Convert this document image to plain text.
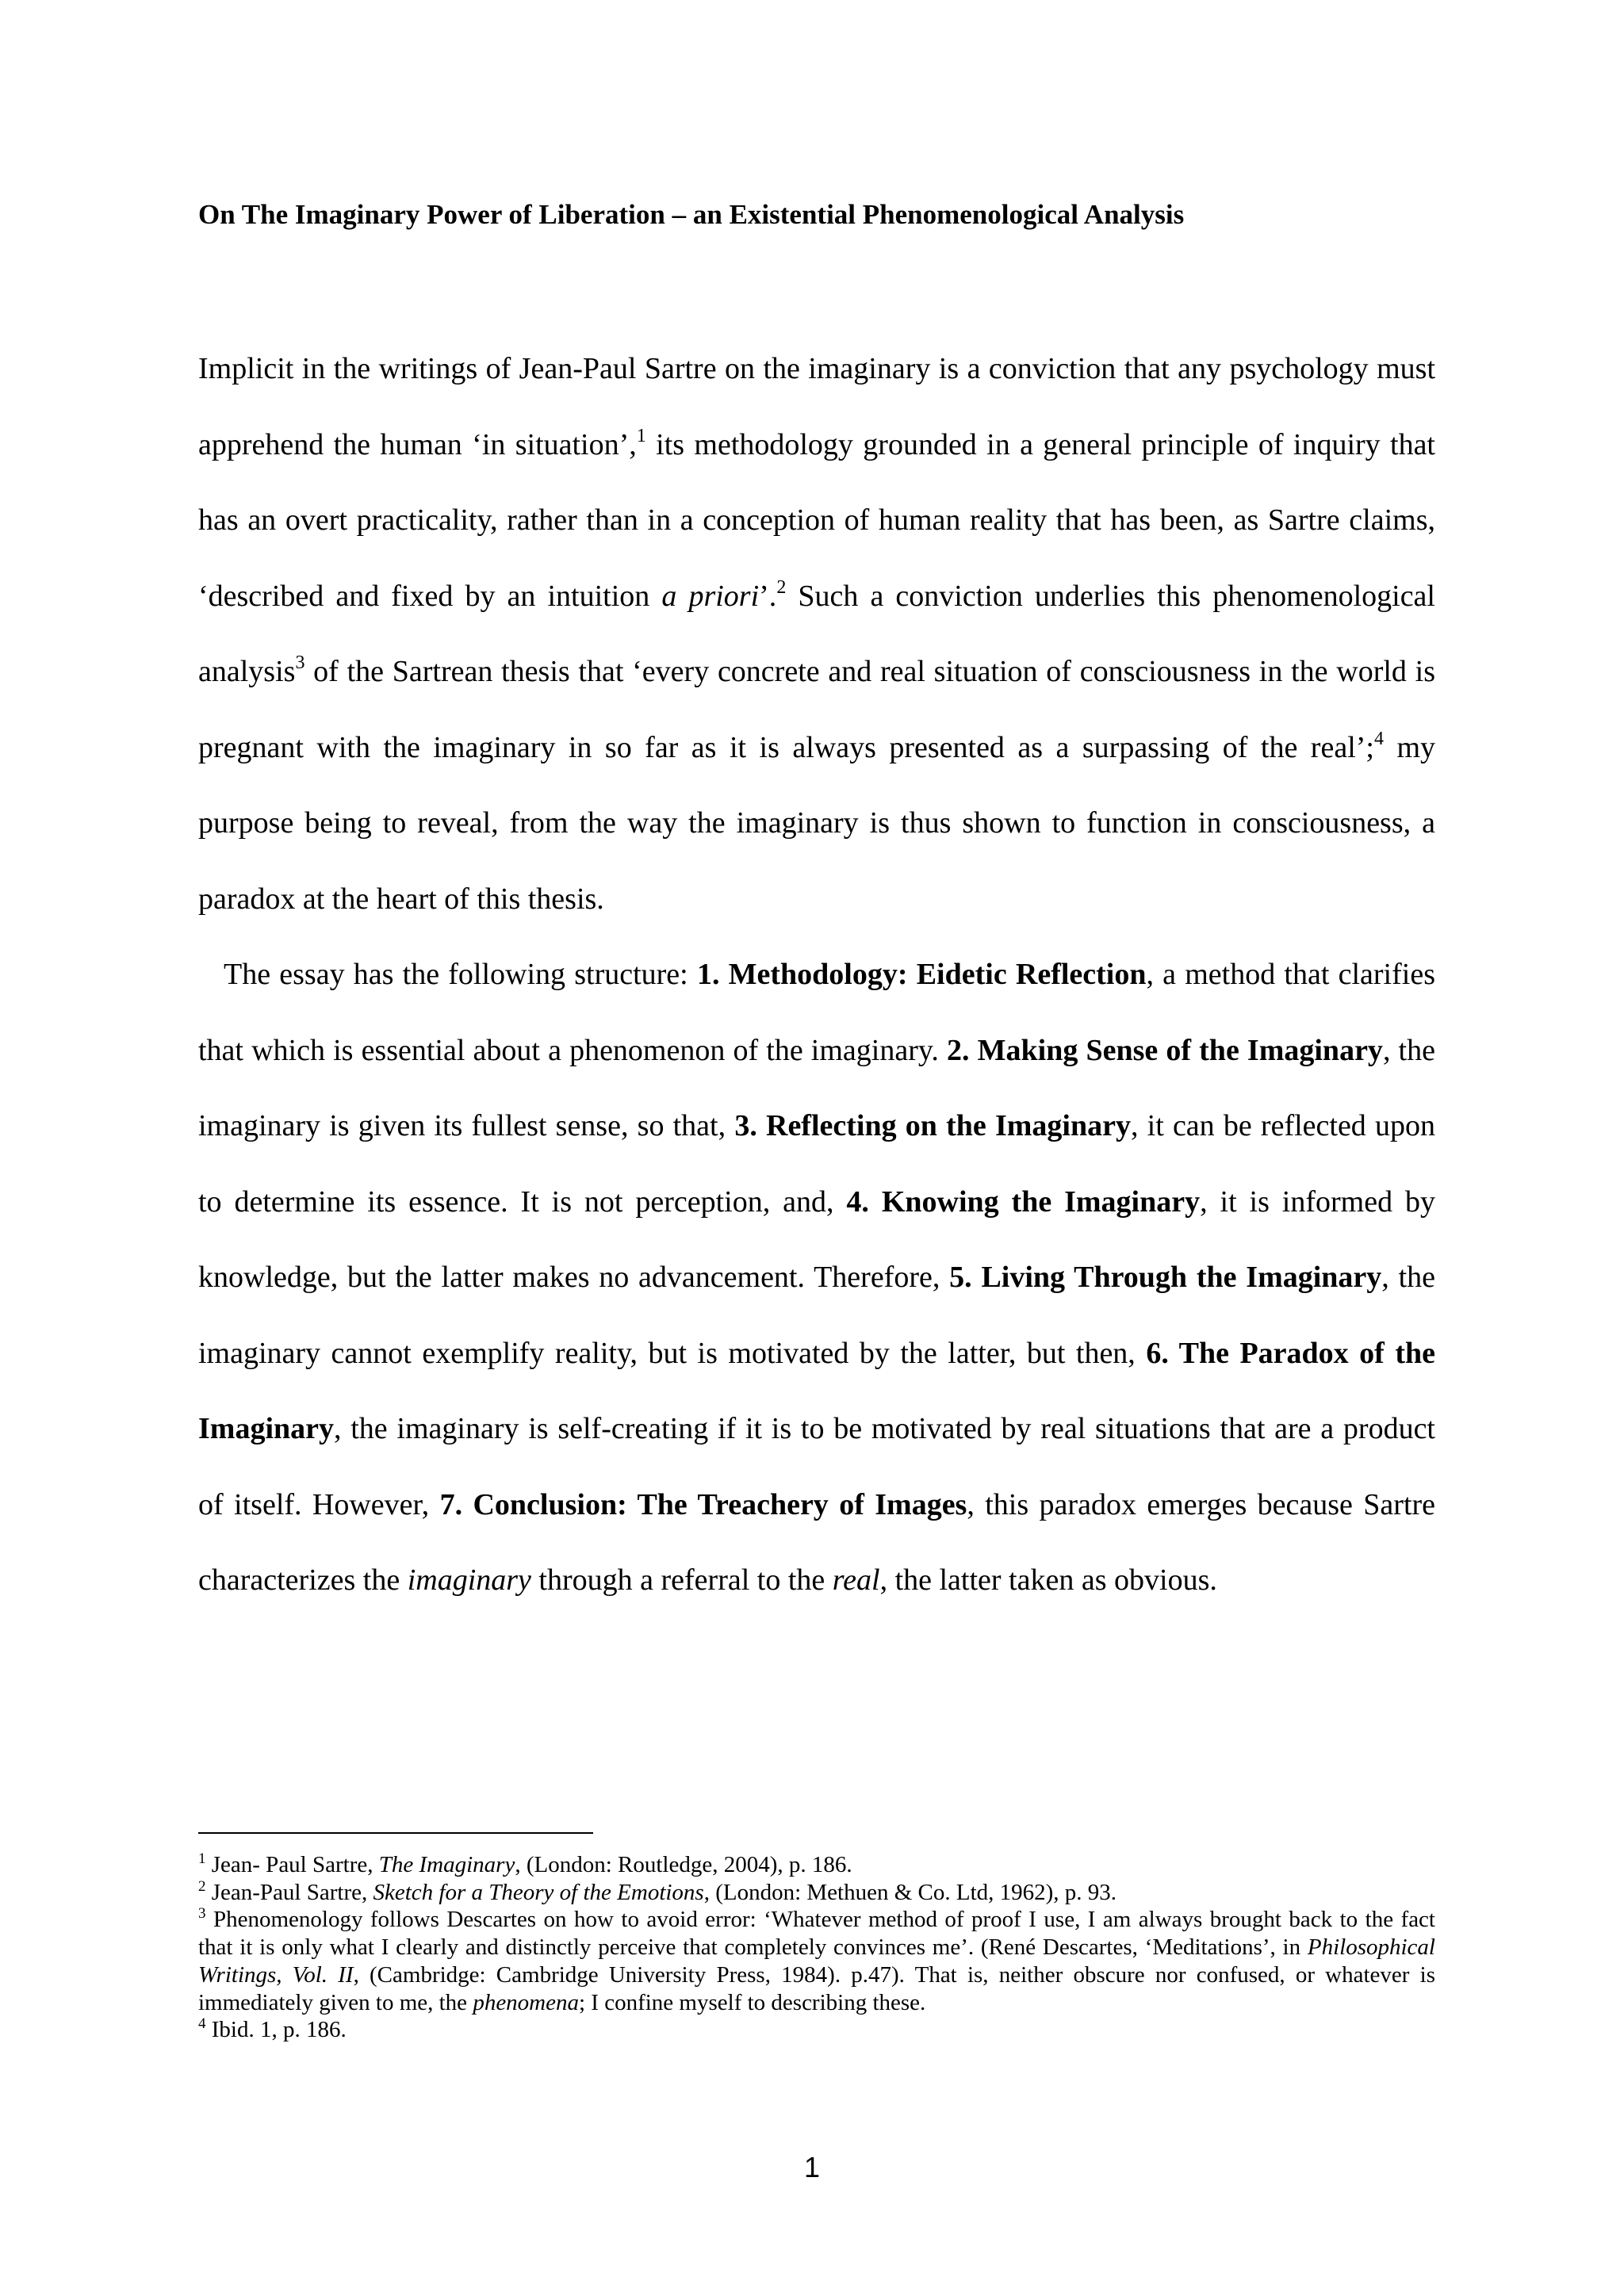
On The Imaginary Power of Liberation – an Existential Phenomenological Analysis

Implicit in the writings of Jean-Paul Sartre on the imaginary is a conviction that any psychology must apprehend the human ‘in situation’,$^1$ its methodology grounded in a general principle of inquiry that has an overt practicality, rather than in a conception of human reality that has been, as Sartre claims, ‘described and fixed by an intuition a priori’.$^2$ Such a conviction underlies this phenomenological analysis$^3$ of the Sartrean thesis that ‘every concrete and real situation of consciousness in the world is pregnant with the imaginary in so far as it is always presented as a surpassing of the real’;$^4$ my purpose being to reveal, from the way the imaginary is thus shown to function in consciousness, a paradox at the heart of this thesis.

The essay has the following structure: 1. Methodology: Eidetic Reflection, a method that clarifies that which is essential about a phenomenon of the imaginary. 2. Making Sense of the Imaginary, the imaginary is given its fullest sense, so that, 3. Reflecting on the Imaginary, it can be reflected upon to determine its essence. It is not perception, and, 4. Knowing the Imaginary, it is informed by knowledge, but the latter makes no advancement. Therefore, 5. Living Through the Imaginary, the imaginary cannot exemplify reality, but is motivated by the latter, but then, 6. The Paradox of the Imaginary, the imaginary is self-creating if it is to be motivated by real situations that are a product of itself. However, 7. Conclusion: The Treachery of Images, this paradox emerges because Sartre characterizes the imaginary through a referral to the real, the latter taken as obvious.

$^1$ Jean- Paul Sartre, The Imaginary, (London: Routledge, 2004), p. 186.

$^2$ Jean-Paul Sartre, Sketch for a Theory of the Emotions, (London: Methuen & Co. Ltd, 1962), p. 93.

$^3$ Phenomenology follows Descartes on how to avoid error: ‘Whatever method of proof I use, I am always brought back to the fact that it is only what I clearly and distinctly perceive that completely convinces me’. (René Descartes, ‘Meditations’, in Philosophical Writings, Vol. II, (Cambridge: Cambridge University Press, 1984). p.47). That is, neither obscure nor confused, or whatever is immediately given to me, the phenomena; I confine myself to describing these.

$^4$ Ibid. 1, p. 186.

1
